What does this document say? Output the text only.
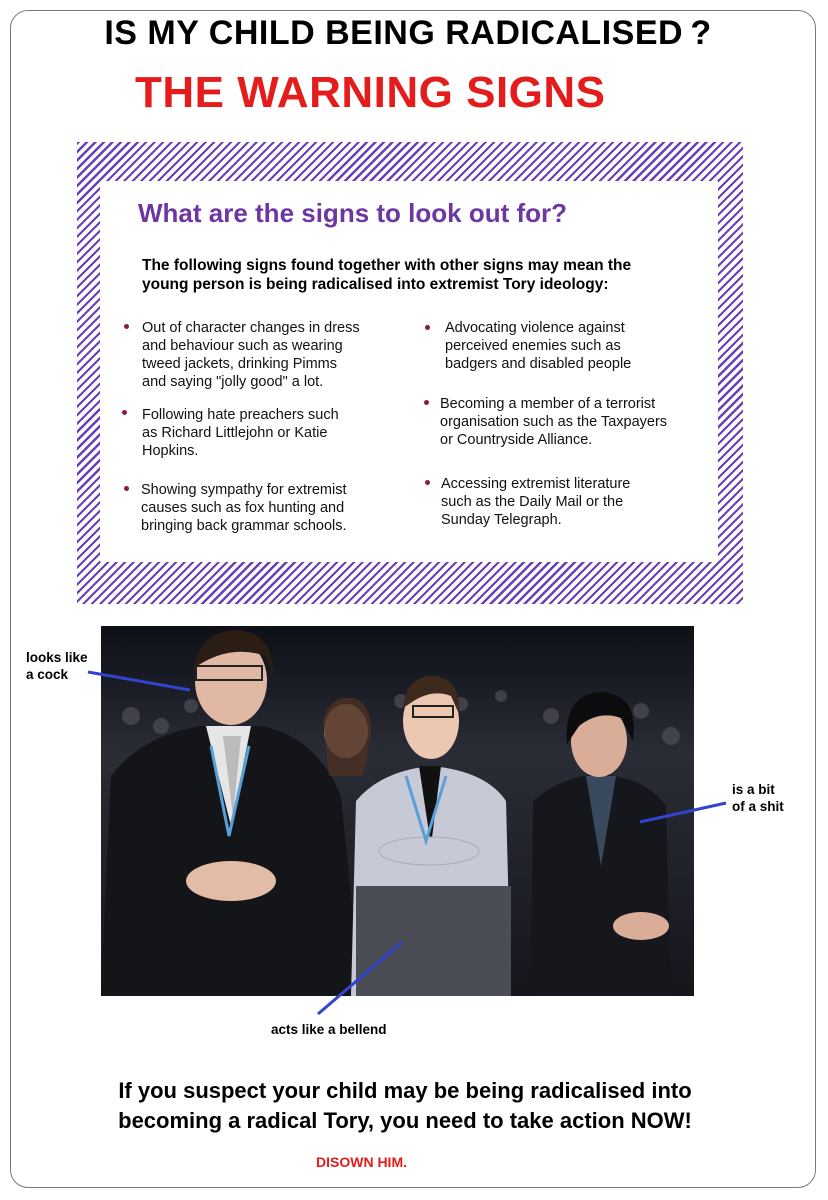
IS MY CHILD BEING RADICALISED ?
THE WARNING SIGNS
What are the signs to look out for?
The following signs found together with other signs may mean the
young person is being radicalised into extremist Tory ideology:
Out of character changes in dress
and behaviour such as wearing
tweed jackets, drinking Pimms
and saying "jolly good" a lot.
Following hate preachers such
as Richard Littlejohn or Katie
Hopkins.
Showing sympathy for extremist
causes such as fox hunting and
bringing back grammar schools.
Advocating violence against
perceived enemies such as
badgers and disabled people
Becoming a member of a terrorist
organisation such as the Taxpayers
or Countryside Alliance.
Accessing extremist literature
such as the Daily Mail or the
Sunday Telegraph.
looks like
a cock
is a bit
of a shit
acts like a bellend
If you suspect your child may be being radicalised into
becoming a radical Tory, you need to take action NOW!
DISOWN HIM.
